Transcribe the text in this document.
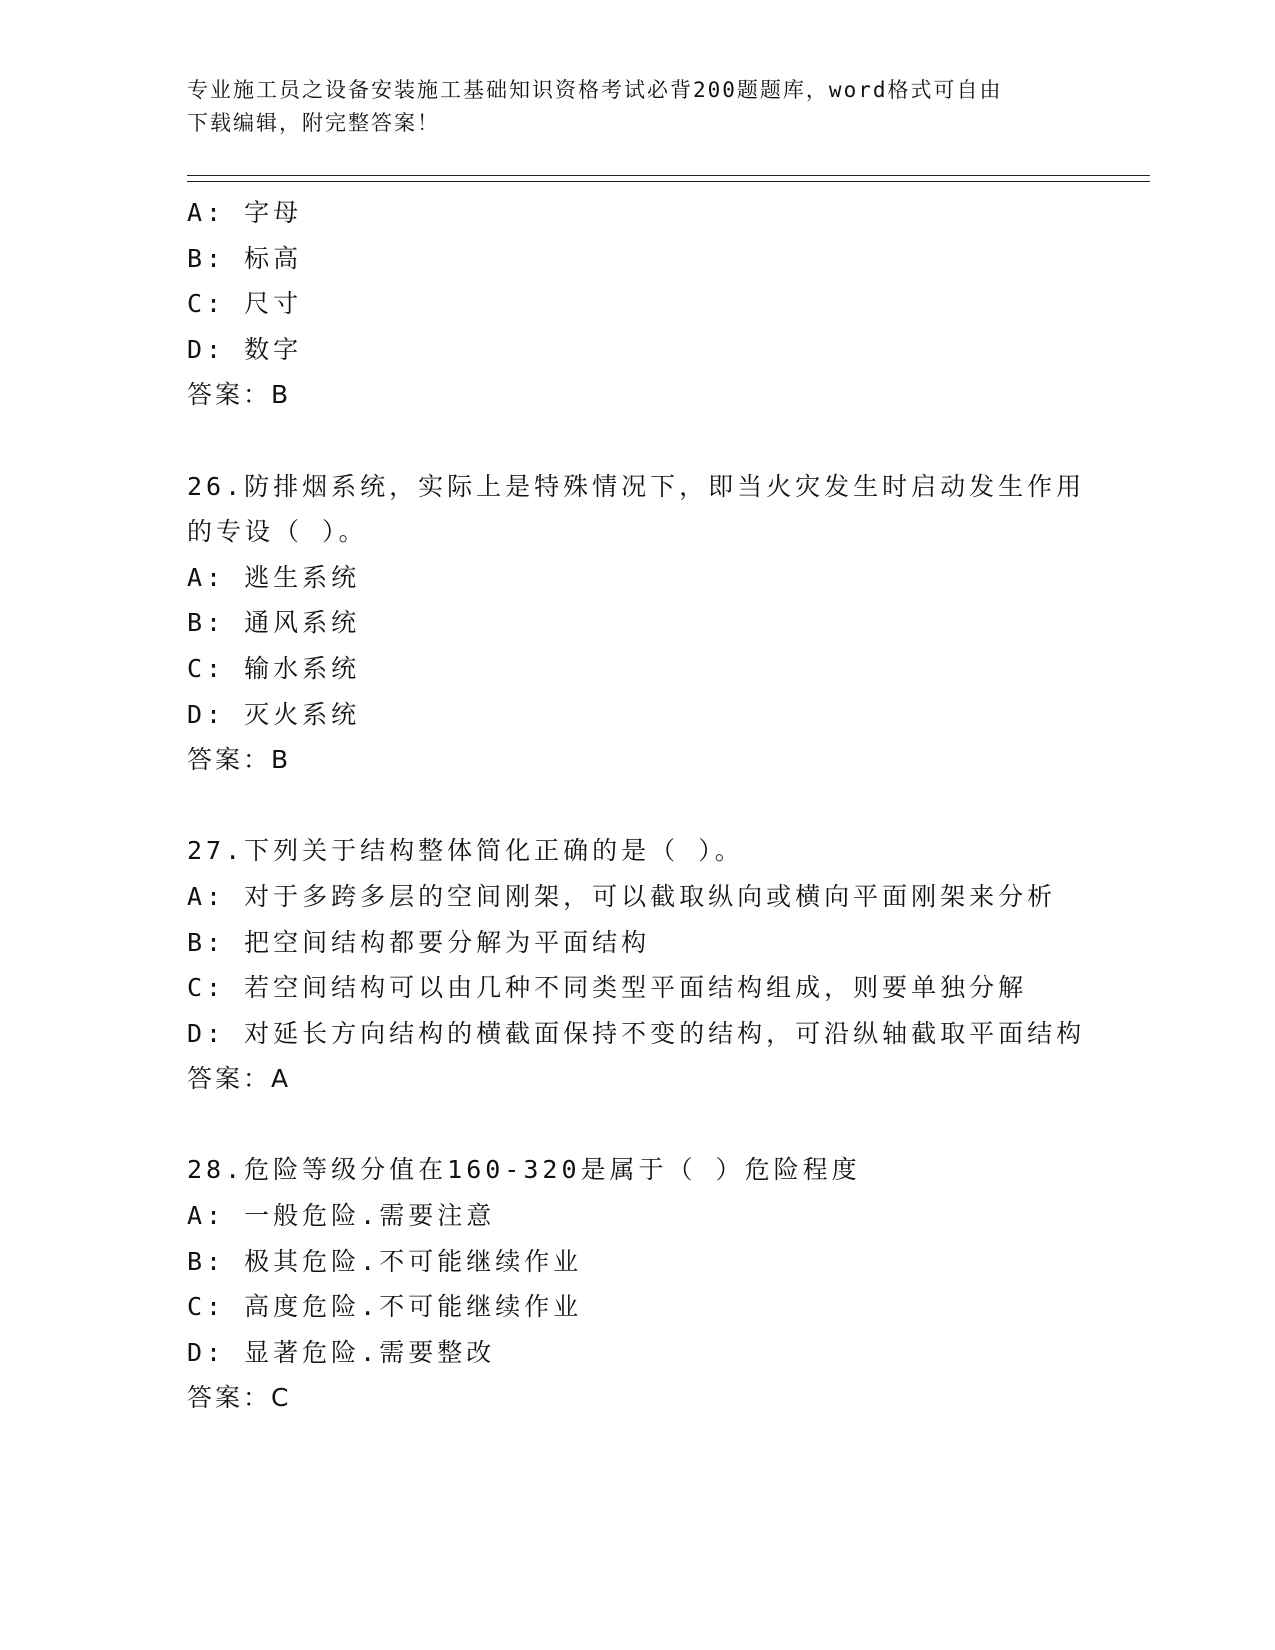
专业施工员之设备安装施工基础知识资格考试必背200题题库，word格式可自由
下载编辑，附完整答案！
A: 字母
B: 标高
C: 尺寸
D: 数字
答案：B
26.防排烟系统，实际上是特殊情况下，即当火灾发生时启动发生作用
的专设（ ）。
A: 逃生系统
B: 通风系统
C: 输水系统
D: 灭火系统
答案：B
27.下列关于结构整体简化正确的是（ ）。
A: 对于多跨多层的空间刚架，可以截取纵向或横向平面刚架来分析
B: 把空间结构都要分解为平面结构
C: 若空间结构可以由几种不同类型平面结构组成，则要单独分解
D: 对延长方向结构的横截面保持不变的结构，可沿纵轴截取平面结构
答案：A
28.危险等级分值在160-320是属于（ ）危险程度
A: 一般危险.需要注意
B: 极其危险.不可能继续作业
C: 高度危险.不可能继续作业
D: 显著危险.需要整改
答案：C
